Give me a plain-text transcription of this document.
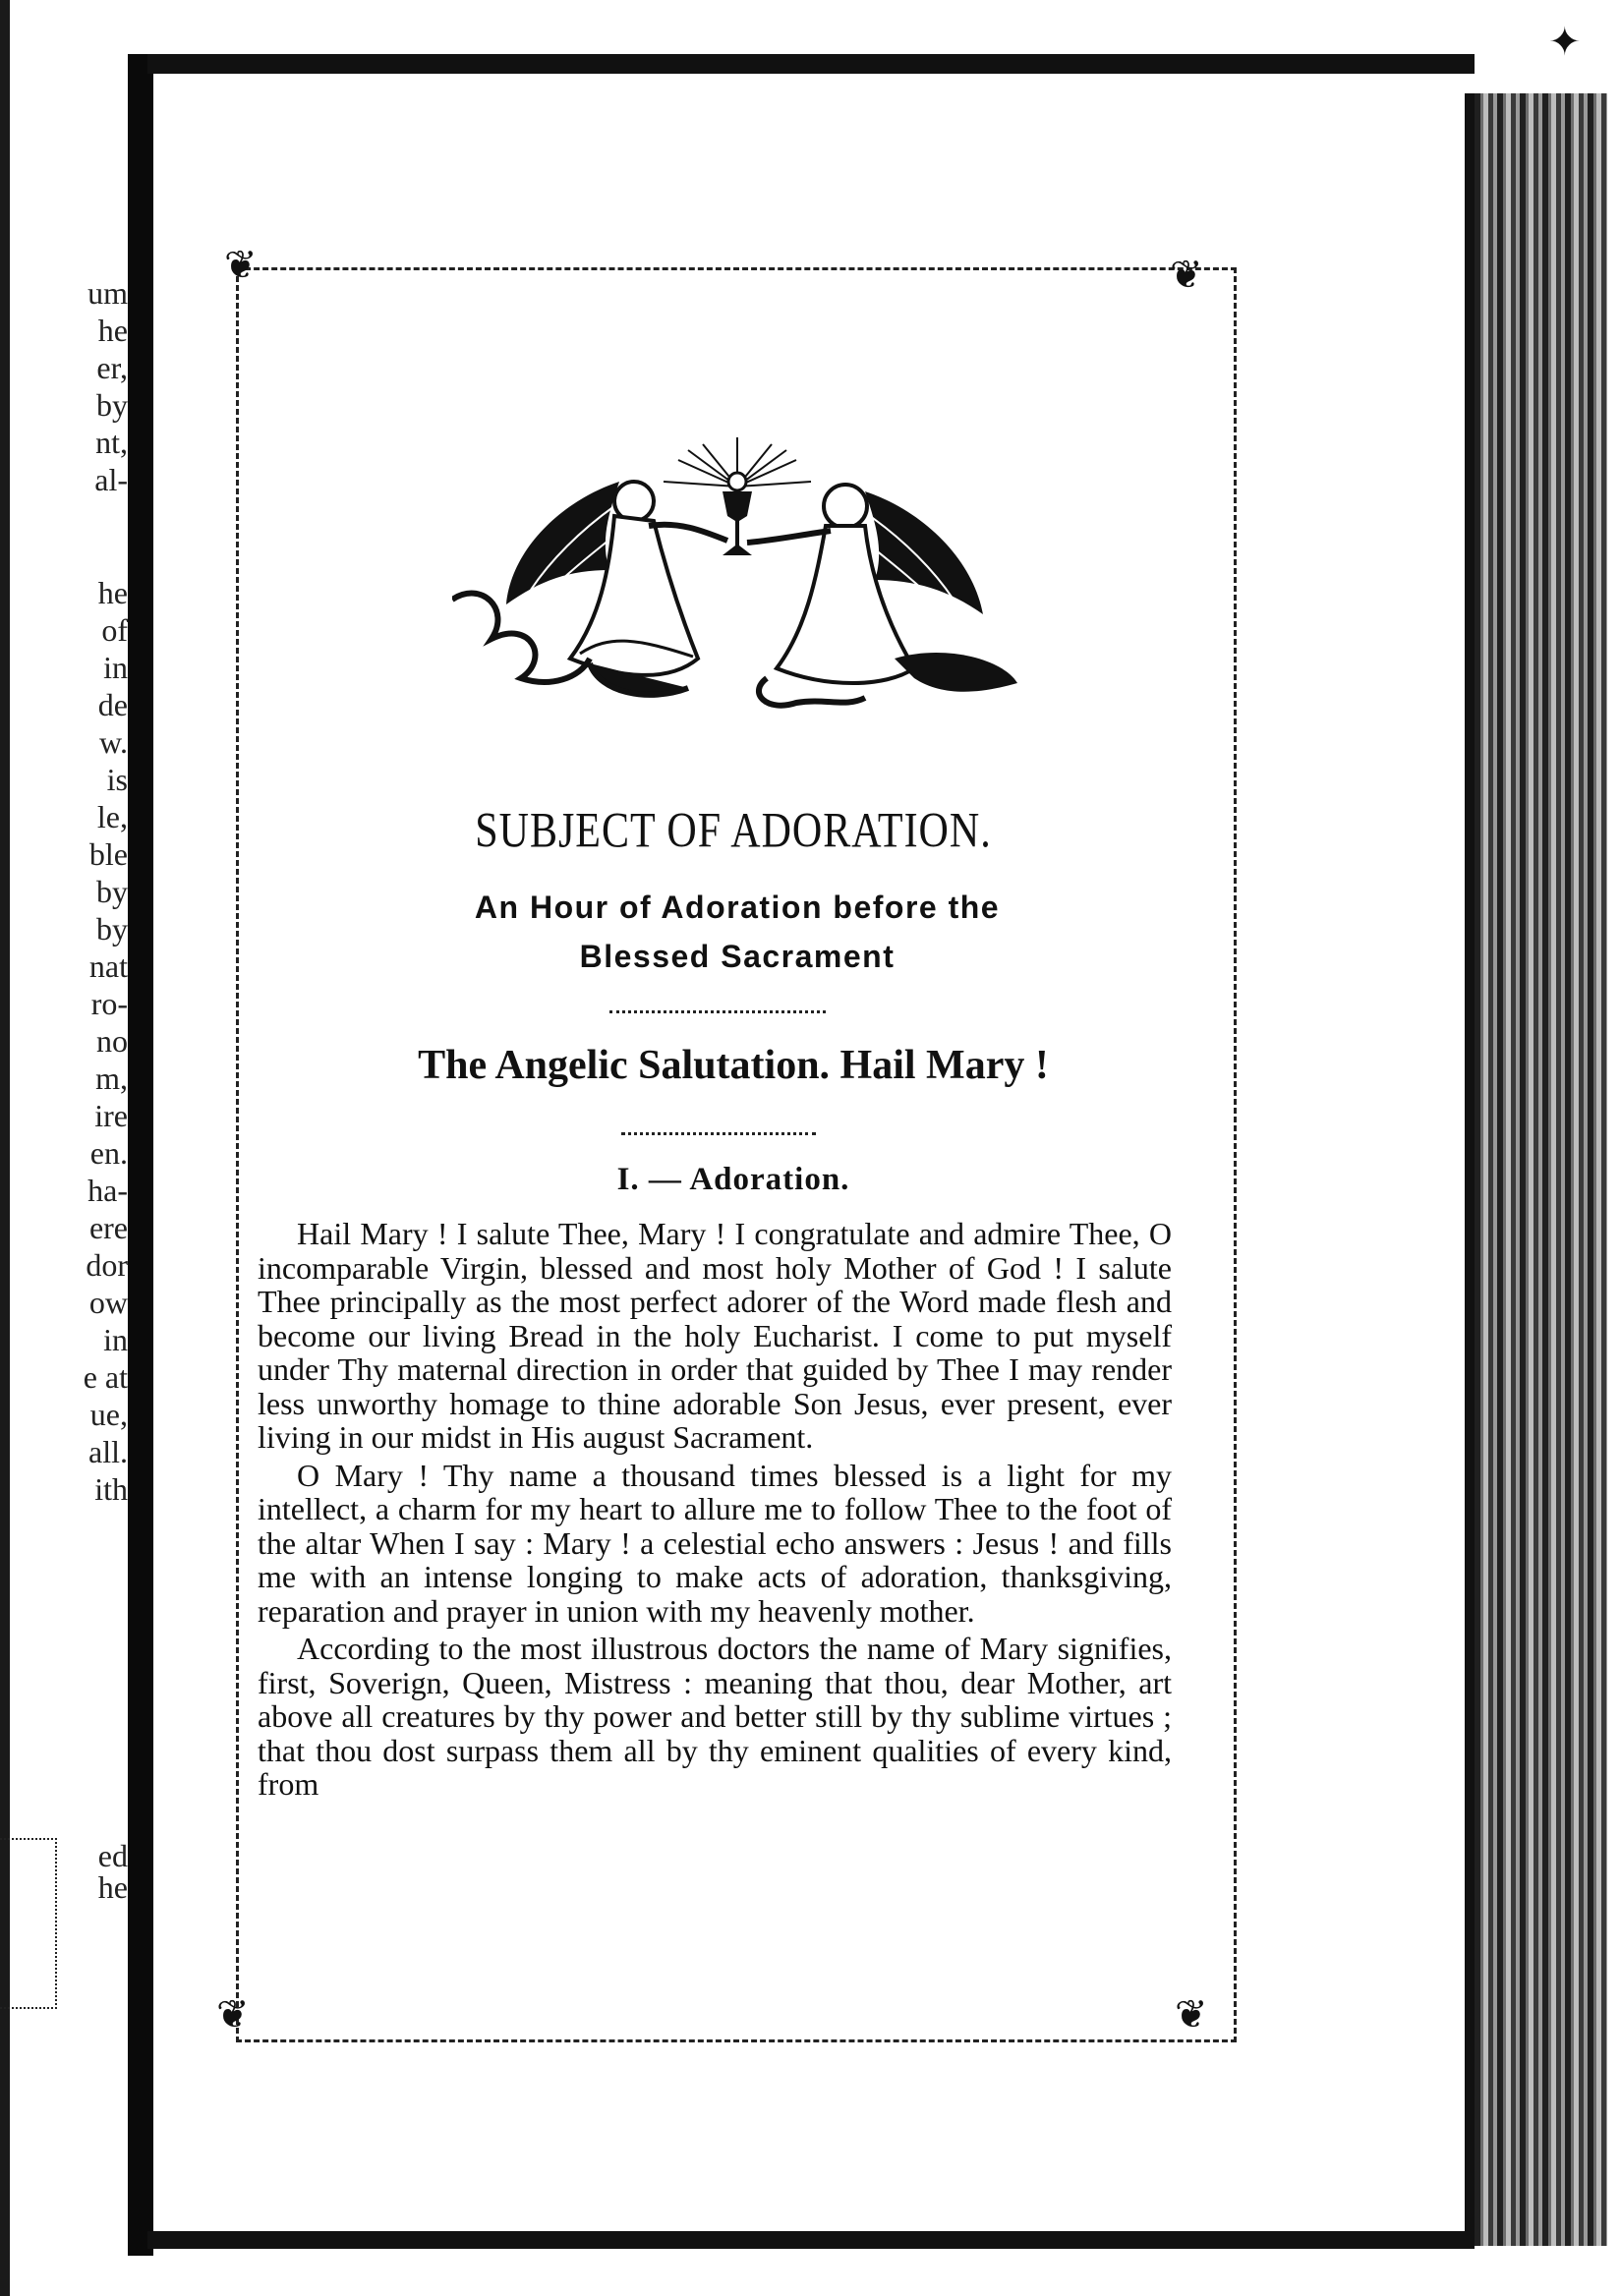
um
he
er,
by
nt,
al-
he
of
in
de
w.
is
le,
ble
by
by
nat
ro-
no
m,
ire
en.
ha-
ere
dor
ow
in
e at
ue,
all.
ith
ed
he
❦	❦
❦	❦
SUBJECT OF ADORATION.
An Hour of Adoration before the
Blessed Sacrament
The Angelic Salutation. Hail Mary !
I. — Adoration.

Hail Mary ! I salute Thee, Mary ! I congratulate and admire Thee, O incomparable Virgin, blessed and most holy Mother of God ! I salute Thee principally as the most perfect adorer of the Word made flesh and become our living Bread in the holy Eucharist. I come to put myself under Thy maternal direction in order that guided by Thee I may render less unworthy homage to thine adorable Son Jesus, ever present, ever living in our midst in His august Sacrament.

O Mary ! Thy name a thousand times blessed is a light for my intellect, a charm for my heart to allure me to follow Thee to the foot of the altar When I say : Mary ! a celestial echo answers : Jesus ! and fills me with an intense longing to make acts of adoration, thanksgiving, reparation and prayer in union with my heavenly mother.

According to the most illustrous doctors the name of Mary signifies, first, Soverign, Queen, Mistress : meaning that thou, dear Mother, art above all creatures by thy power and better still by thy sublime virtues ; that thou dost surpass them all by thy eminent qualities of every kind, from

✦
